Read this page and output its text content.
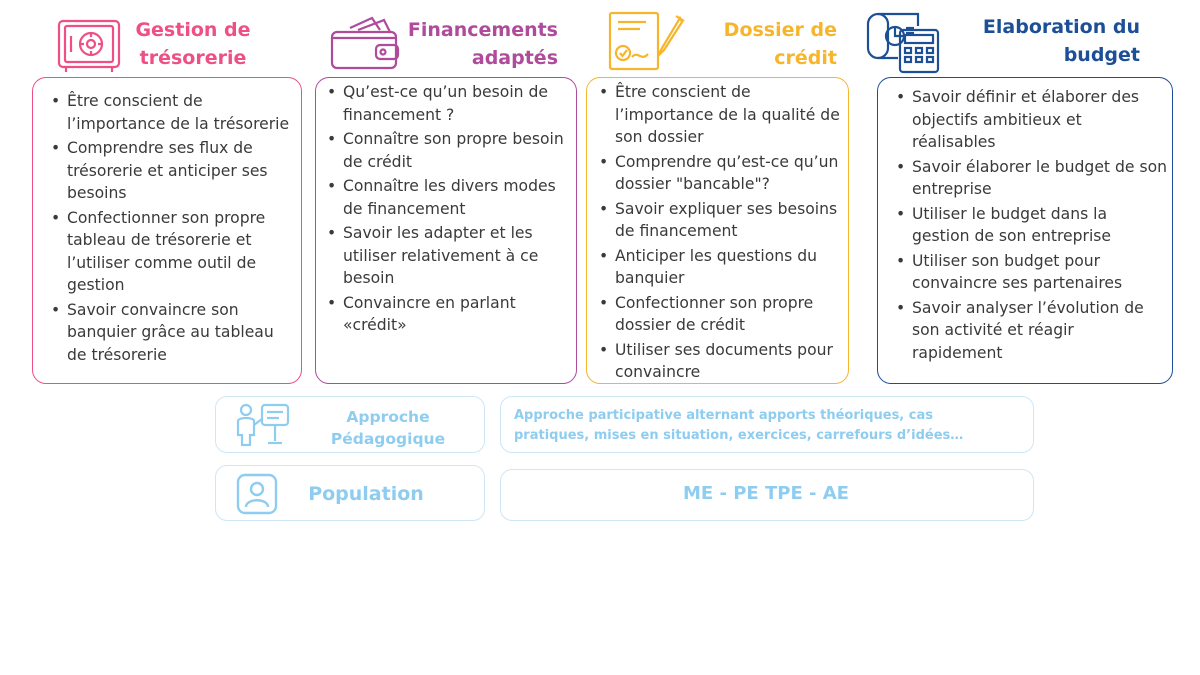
Gestion de
trésorerie
• Être conscient de l’importance de la trésorerie
• Comprendre ses flux de trésorerie et anticiper ses besoins
• Confectionner son propre tableau de trésorerie et l’utiliser comme outil de gestion
• Savoir convaincre son banquier grâce au tableau de trésorerie
Financements
adaptés
• Qu’est-ce qu’un besoin de financement ?
• Connaître son propre besoin de crédit
• Connaître les divers modes de financement
• Savoir les adapter et les utiliser relativement à ce besoin
• Convaincre en parlant «crédit»
Dossier de
crédit
• Être conscient de l’importance de la qualité de son dossier
• Comprendre qu’est-ce qu’un dossier "bancable"?
• Savoir expliquer ses besoins de financement
• Anticiper les questions du banquier
• Confectionner son propre dossier de crédit
• Utiliser ses documents pour convaincre
Elaboration du
budget
• Savoir définir et élaborer des objectifs ambitieux et réalisables
• Savoir élaborer le budget de son entreprise
• Utiliser le budget dans la gestion de son entreprise
• Utiliser son budget pour convaincre ses partenaires
• Savoir analyser l’évolution de son activité et réagir rapidement
Approche
Pédagogique
Approche participative alternant apports théoriques, cas
pratiques, mises en situation, exercices, carrefours d’idées…
Population	ME - PE TPE - AE
